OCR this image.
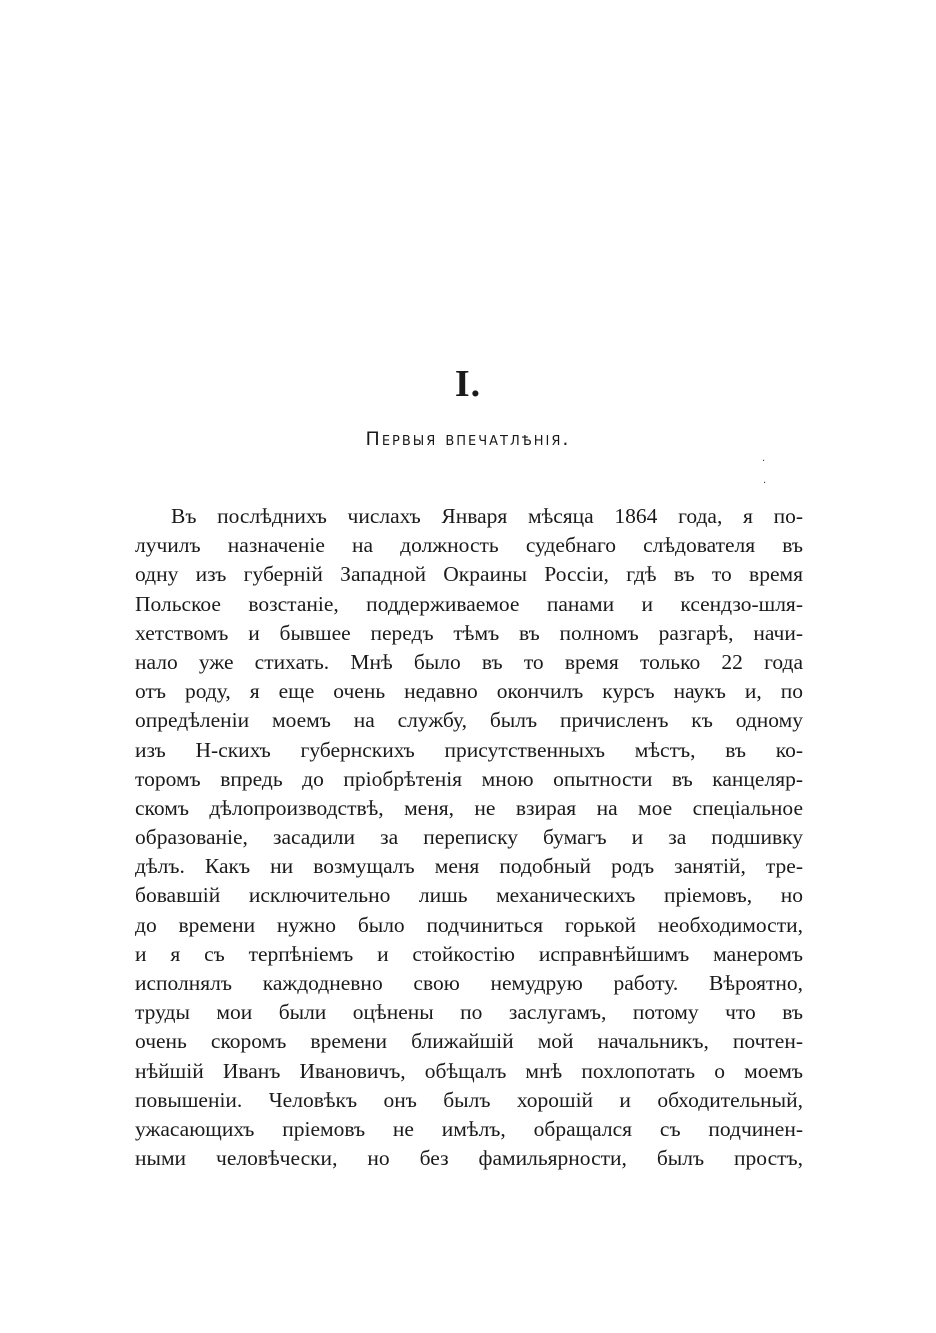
I.
Первыя впечатлѣнія.
·
·
Въ послѣднихъ числахъ Января мѣсяца 1864 года, я по-
лучилъ назначеніе на должность судебнаго слѣдователя въ
одну изъ губерній Западной Окраины Россіи, гдѣ въ то время
Польское возстаніе, поддерживаемое панами и ксендзо-шля-
хетствомъ и бывшее передъ тѣмъ въ полномъ разгарѣ, начи-
нало уже стихать. Мнѣ было въ то время только 22 года
отъ роду, я еще очень недавно окончилъ курсъ наукъ и, по
опредѣленіи моемъ на службу, былъ причисленъ къ одному
изъ Н-скихъ губернскихъ присутственныхъ мѣстъ, въ ко-
торомъ впредь до пріобрѣтенія мною опытности въ канцеляр-
скомъ дѣлопроизводствѣ, меня, не взирая на мое спеціальное
образованіе, засадили за переписку бумагъ и за подшивку
дѣлъ. Какъ ни возмущалъ меня подобный родъ занятій, тре-
бовавшій исключительно лишь механическихъ пріемовъ, но
до времени нужно было подчиниться горькой необходимости,
и я съ терпѣніемъ и стойкостію исправнѣйшимъ манеромъ
исполнялъ каждодневно свою немудрую работу. Вѣроятно,
труды мои были оцѣнены по заслугамъ, потому что въ
очень скоромъ времени ближайшій мой начальникъ, почтен-
нѣйшій Иванъ Ивановичъ, обѣщалъ мнѣ похлопотать о моемъ
повышеніи. Человѣкъ онъ былъ хорошій и обходительный,
ужасающихъ пріемовъ не имѣлъ, обращался съ подчинен-
ными человѣчески, но без фамильярности, былъ простъ,
